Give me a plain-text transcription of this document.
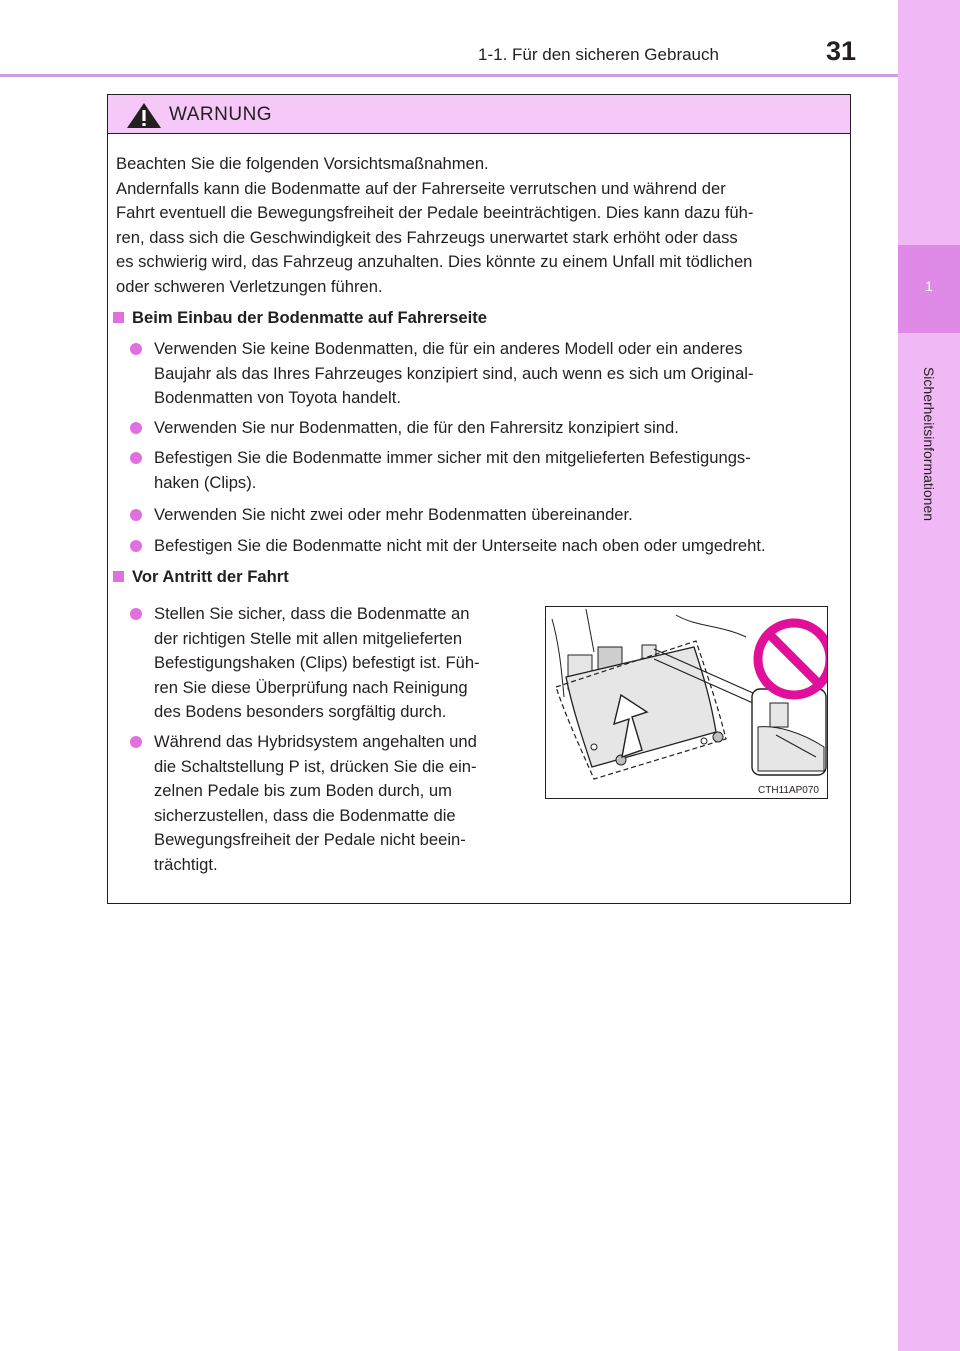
1-1. Für den sicheren Gebrauch	31
1
Sicherheitsinformationen
WARNUNG
Beachten Sie die folgenden Vorsichtsmaßnahmen.
Andernfalls kann die Bodenmatte auf der Fahrerseite verrutschen und während der
Fahrt eventuell die Bewegungsfreiheit der Pedale beeinträchtigen. Dies kann dazu füh-
ren, dass sich die Geschwindigkeit des Fahrzeugs unerwartet stark erhöht oder dass
es schwierig wird, das Fahrzeug anzuhalten. Dies könnte zu einem Unfall mit tödlichen
oder schweren Verletzungen führen.
Beim Einbau der Bodenmatte auf Fahrerseite
Verwenden Sie keine Bodenmatten, die für ein anderes Modell oder ein anderes
Baujahr als das Ihres Fahrzeuges konzipiert sind, auch wenn es sich um Original-
Bodenmatten von Toyota handelt.
Verwenden Sie nur Bodenmatten, die für den Fahrersitz konzipiert sind.
Befestigen Sie die Bodenmatte immer sicher mit den mitgelieferten Befestigungs-
haken (Clips).
Verwenden Sie nicht zwei oder mehr Bodenmatten übereinander.
Befestigen Sie die Bodenmatte nicht mit der Unterseite nach oben oder umgedreht.
Vor Antritt der Fahrt
Stellen Sie sicher, dass die Bodenmatte an
der richtigen Stelle mit allen mitgelieferten
Befestigungshaken (Clips) befestigt ist. Füh-
ren Sie diese Überprüfung nach Reinigung
des Bodens besonders sorgfältig durch.
Während das Hybridsystem angehalten und
die Schaltstellung P ist, drücken Sie die ein-
zelnen Pedale bis zum Boden durch, um
sicherzustellen, dass die Bodenmatte die
Bewegungsfreiheit der Pedale nicht beein-
trächtigt.
CTH11AP070
